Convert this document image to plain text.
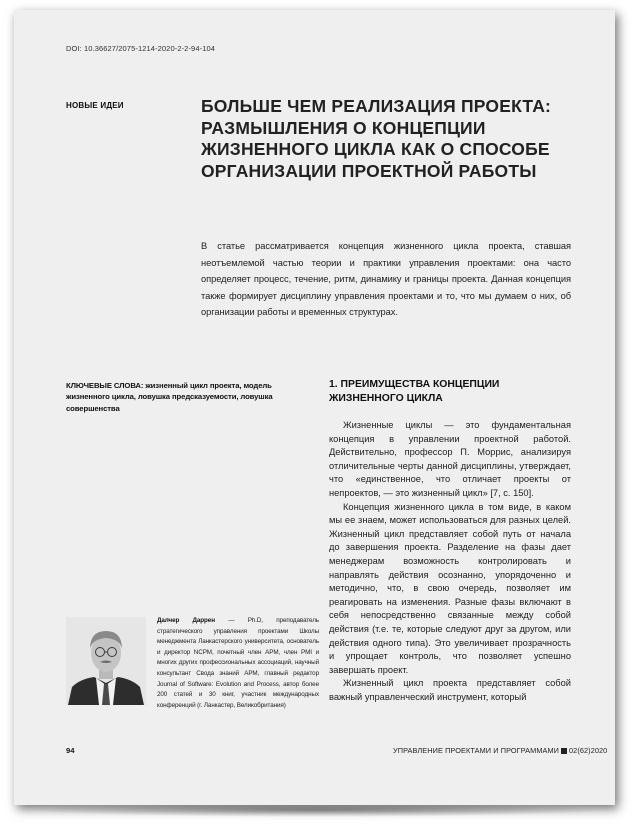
DOI: 10.36627/2075-1214-2020-2-2-94-104
НОВЫЕ ИДЕИ	БОЛЬШЕ ЧЕМ РЕАЛИЗАЦИЯ ПРОЕКТА: РАЗМЫШЛЕНИЯ О КОНЦЕПЦИИ ЖИЗНЕННОГО ЦИКЛА КАК О СПОСОБЕ ОРГАНИЗАЦИИ ПРОЕКТНОЙ РАБОТЫ
В статье рассматривается концепция жизненного цикла проекта, ставшая неотъемлемой частью теории и практики управления проектами: она часто определяет процесс, течение, ритм, динамику и границы проекта. Данная концепция также формирует дисциплину управления проектами и то, что мы думаем о них, об организации работы и временных структурах.
КЛЮЧЕВЫЕ СЛОВА: жизненный цикл проекта, модель жизненного цикла, ловушка предсказуемости, ловушка совершенства
1. ПРЕИМУЩЕСТВА КОНЦЕПЦИИ ЖИЗНЕННОГО ЦИКЛА

Жизненные циклы — это фундаментальная концепция в управлении проектной работой. Действительно, профессор П. Моррис, анализируя отличительные черты данной дисциплины, утверждает, что «единственное, что отличает проекты от непроектов, — это жизненный цикл» [7, с. 150].

Концепция жизненного цикла в том виде, в каком мы ее знаем, может использоваться для разных целей. Жизненный цикл представляет собой путь от начала до завершения проекта. Разделение на фазы дает менеджерам возможность контролировать и направлять действия осознанно, упорядоченно и методично, что, в свою очередь, позволяет им реагировать на изменения. Разные фазы включают в себя непосредственно связанные между собой действия (т.е. те, которые следуют друг за другом, или действия одного типа). Это увеличивает прозрачность и упрощает контроль, что позволяет успешно завершать проект.

Жизненный цикл проекта представляет собой важный управленческий инструмент, который

Далчер Даррен — Ph.D, преподаватель стратегического управления проектами Школы менеджмента Ланкастерского университета, основатель и директор NCPM, почетный член APM, член PMI и многих других профессиональных ассоциаций, научный консультант Свода знаний APM, главный редактор Journal of Software: Evolution and Process, автор более 200 статей и 30 книг, участник международных конференций (г. Ланкастер, Великобритания)
94	УПРАВЛЕНИЕ ПРОЕКТАМИ И ПРОГРАММАМИ 02(62)2020
